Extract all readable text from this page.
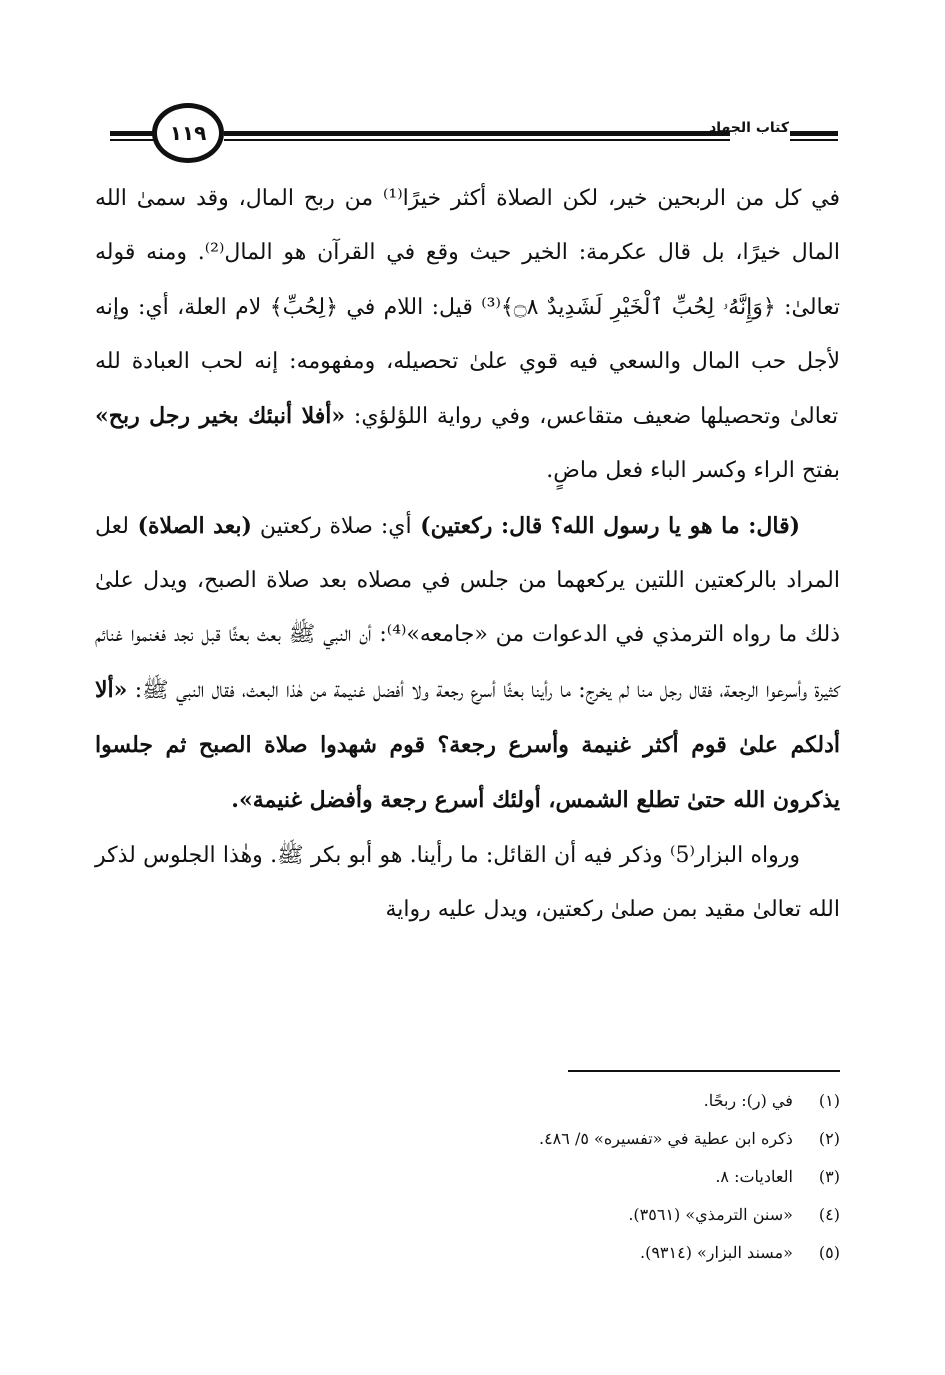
١١٩	كتاب الجهاد

في كل من الربحين خير، لكن الصلاة أكثر خيرًا⁽¹⁾ من ربح المال، وقد سمىٰ الله المال خيرًا، بل قال عكرمة: الخير حيث وقع في القرآن هو المال⁽²⁾. ومنه قوله تعالىٰ: ﴿وَإِنَّهُۥ لِحُبِّ ٱلْخَيْرِ لَشَدِيدٌ ۝٨﴾⁽³⁾ قيل: اللام في ﴿لِحُبِّ﴾ لام العلة، أي: وإنه لأجل حب المال والسعي فيه قوي علىٰ تحصيله، ومفهومه: إنه لحب العبادة لله تعالىٰ وتحصيلها ضعيف متقاعس، وفي رواية اللؤلؤي: «أفلا أنبئك بخير رجل ربح» بفتح الراء وكسر الباء فعل ماضٍ.

(قال: ما هو يا رسول الله؟ قال: ركعتين) أي: صلاة ركعتين (بعد الصلاة) لعل المراد بالركعتين اللتين يركعهما من جلس في مصلاه بعد صلاة الصبح، ويدل علىٰ ذلك ما رواه الترمذي في الدعوات من «جامعه»⁽⁴⁾: أن النبي ﷺ بعث بعثًا قبل نجد فغنموا غنائم كثيرة وأسرعوا الرجعة، فقال رجل منا لم يخرج: ما رأينا بعثًا أسرع رجعة ولا أفضل غنيمة من هٰذا البعث، فقال النبي ﷺ: «ألا أدلكم علىٰ قوم أكثر غنيمة وأسرع رجعة؟ قوم شهدوا صلاة الصبح ثم جلسوا يذكرون الله حتىٰ تطلع الشمس، أولئك أسرع رجعة وأفضل غنيمة».

ورواه البزار⁽5⁾ وذكر فيه أن القائل: ما رأينا. هو أبو بكر ﷺ. وهٰذا الجلوس لذكر الله تعالىٰ مقيد بمن صلىٰ ركعتين، ويدل عليه رواية

(١) في (ر): ربحًا.
(٢) ذكره ابن عطية في «تفسيره» ٥/ ٤٨٦.
(٣) العاديات: ٨.
(٤) «سنن الترمذي» (٣٥٦١).
(٥) «مسند البزار» (٩٣١٤).
